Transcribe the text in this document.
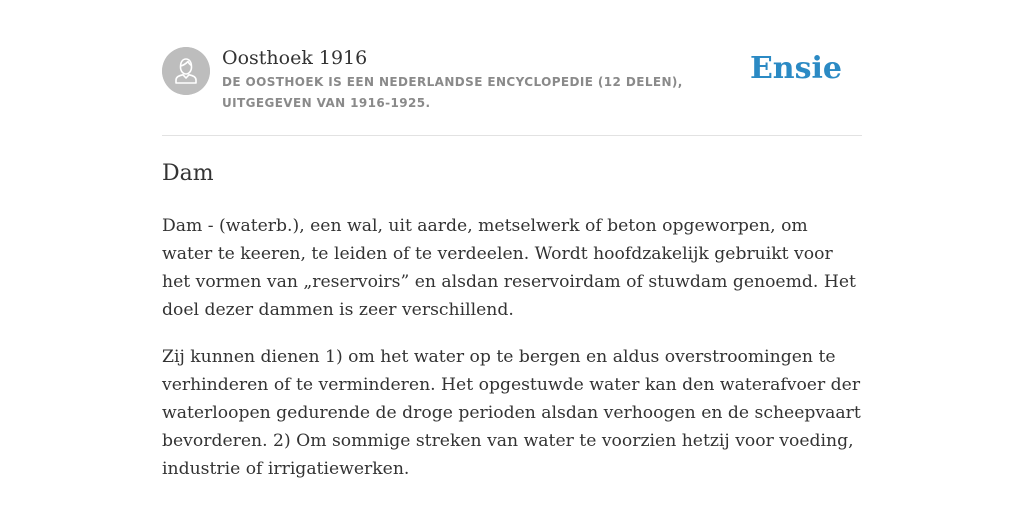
Oosthoek 1916
DE OOSTHOEK IS EEN NEDERLANDSE ENCYCLOPEDIE (12 DELEN), UITGEGEVEN VAN 1916-1925.
Ensie
Dam

Dam - (waterb.), een wal, uit aarde, metselwerk of beton opgeworpen, om water te keeren, te leiden of te verdeelen. Wordt hoofdzakelijk gebruikt voor het vormen van „reservoirs” en alsdan reservoirdam of stuwdam genoemd. Het doel dezer dammen is zeer verschillend.

Zij kunnen dienen 1) om het water op te bergen en aldus overstroomingen te verhinderen of te verminderen. Het opgestuwde water kan den waterafvoer der waterloopen gedurende de droge perioden alsdan verhoogen en de scheepvaart bevorderen. 2) Om sommige streken van water te voorzien hetzij voor voeding, industrie of irrigatiewerken.
